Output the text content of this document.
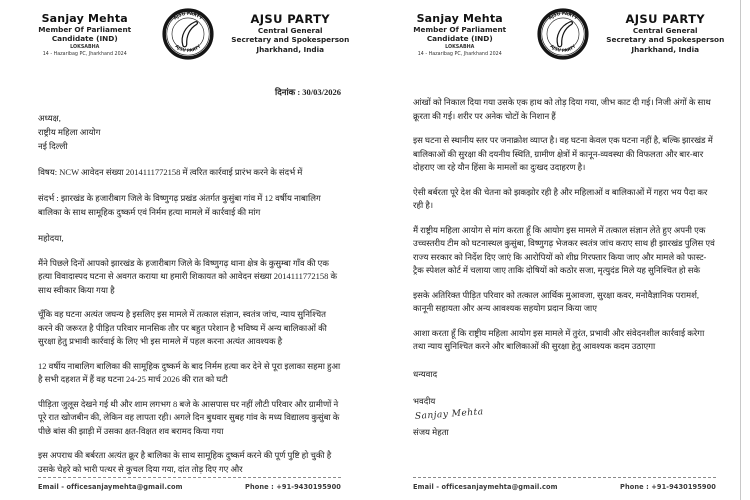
Sanjay Mehta
Member Of Parliament
Candidate (IND)
LOKSABHA
14 - Hazaribag PC, Jharkhand 2024
AJSU PARTY
AJSU PARTY
AJSU PARTY
Central General
Secretary and Spokesperson
Jharkhand, India
दिनांक : 30/03/2026
अध्यक्ष,
राष्ट्रीय महिला आयोग
नई दिल्ली
विषय: NCW आवेदन संख्या 2014111772158 में त्वरित कार्रवाई प्रारंभ करने के संदर्भ में
संदर्भ : झारखंड के हजारीबाग जिले के विष्णुगढ़ प्रखंड अंतर्गत कुसुंबा गांव में 12 वर्षीय नाबालिग बालिका के साथ सामूहिक दुष्कर्म एवं निर्मम हत्या मामले में कार्रवाई की मांग
महोदया,

मैंने पिछले दिनों आपको झारखंड के हजारीबाग जिले के विष्णुगढ़ थाना क्षेत्र के कुसुम्बा गाँव की एक हत्या विवादास्पद घटना से अवगत कराया था हमारी शिकायत को आवेदन संख्या 2014111772158 के साथ स्वीकार किया गया है

चूँकि वह घटना अत्यंत जघन्य है इसलिए इस मामले में तत्काल संज्ञान, स्वतंत्र जांच, न्याय सुनिश्चित करने की जरूरत है पीड़ित परिवार मानसिक तौर पर बहुत परेशान है भविष्य में अन्य बालिकाओं की सुरक्षा हेतु प्रभावी कार्रवाई के लिए भी इस मामले में पहल करना अत्यंत आवश्यक है

12 वर्षीय नाबालिग बालिका की सामूहिक दुष्कर्म के बाद निर्मम हत्या कर देने से पूरा इलाका सहमा हुआ है सभी दहशत में हैं वह घटना 24-25 मार्च 2026 की रात को घटी

पीड़िता जुलूस देखने गई थी और शाम लगभग 8 बजे के आसपास घर नहीं लौटी परिवार और ग्रामीणों ने पूरे रात खोजबीन की, लेकिन वह लापता रही। अगले दिन बुधवार सुबह गांव के मध्य विद्यालय कुसुंबा के पीछे बांस की झाड़ी में उसका क्षत-विक्षत शव बरामद किया गया

इस अपराध की बर्बरता अत्यंत क्रूर है बालिका के साथ सामूहिक दुष्कर्म करने की पूर्ण पुष्टि हो चुकी है उसके चेहरे को भारी पत्थर से कुचल दिया गया, दांत तोड़ दिए गए और

Email - officesanjaymehta@gmail.com	Phone : +91-9430195900
Sanjay Mehta
Member Of Parliament
Candidate (IND)
LOKSABHA
14 - Hazaribag PC, Jharkhand 2024
AJSU PARTY
AJSU PARTY
AJSU PARTY
Central General
Secretary and Spokesperson
Jharkhand, India

आंखों को निकाल दिया गया उसके एक हाथ को तोड़ दिया गया, जीभ काट दी गई। निजी अंगों के साथ क्रूरता की गई। शरीर पर अनेक चोटों के निशान हैं

इस घटना से स्थानीय स्तर पर जनाक्रोश व्याप्त है। वह घटना केवल एक घटना नहीं है, बल्कि झारखंड में बालिकाओं की सुरक्षा की दयनीय स्थिति, ग्रामीण क्षेत्रों में कानून-व्यवस्था की विफलता और बार-बार दोहराए जा रहे यौन हिंसा के मामलों का दुःखद उदाहरण है।

ऐसी बर्बरता पूरे देश की चेतना को झकझोर रही है और महिलाओं व बालिकाओं में गहरा भय पैदा कर रही है।

मैं राष्ट्रीय महिला आयोग से मांग करता हूँ कि आयोग इस मामले में तत्काल संज्ञान लेते हुए अपनी एक उच्चस्तरीय टीम को घटनास्थल कुसुंबा, विष्णुगढ़ भेजकर स्वतंत्र जांच कराए साथ ही झारखंड पुलिस एवं राज्य सरकार को निर्देश दिए जाएं कि आरोपियों को शीघ्र गिरफ्तार किया जाए और मामले को फास्ट-ट्रैक स्पेशल कोर्ट में चलाया जाए ताकि दोषियों को कठोर सजा, मृत्युदंड मिले यह सुनिश्चित हो सके

इसके अतिरिक्त पीड़ित परिवार को तत्काल आर्थिक मुआवजा, सुरक्षा कवर, मनोवैज्ञानिक परामर्श, कानूनी सहायता और अन्य आवश्यक सहयोग प्रदान किया जाए

आशा करता हूँ कि राष्ट्रीय महिला आयोग इस मामले में तुरंत, प्रभावी और संवेदनशील कार्रवाई करेगा तथा न्याय सुनिश्चित करने और बालिकाओं की सुरक्षा हेतु आवश्यक कदम उठाएगा

धन्यवाद
भवदीय
Sanjay Mehta
संजय मेहता
Email - officesanjaymehta@gmail.com	Phone : +91-9430195900
